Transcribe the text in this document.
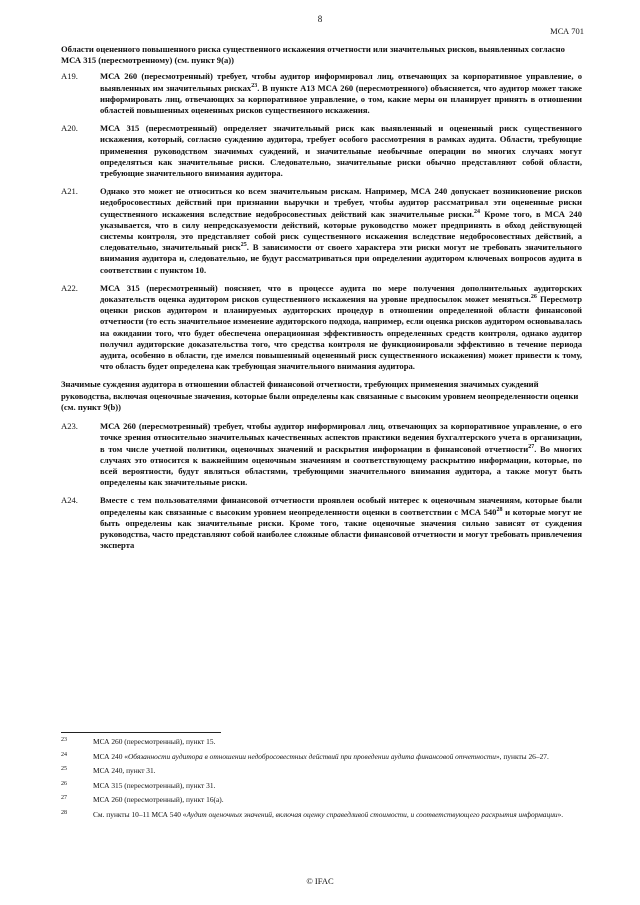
8
МСА 701
Области оцененного повышенного риска существенного искажения отчетности или значительных рисков, выявленных согласно МСА 315 (пересмотренному) (см. пункт 9(a))
A19.	МСА 260 (пересмотренный) требует, чтобы аудитор информировал лиц, отвечающих за корпоративное управление, о выявленных им значительных рисках$^{23}$. В пункте A13 МСА 260 (пересмотренного) объясняется, что аудитор может также информировать лиц, отвечающих за корпоративное управление, о том, какие меры он планирует принять в отношении областей повышенных оцененных рисков существенного искажения.
A20.	МСА 315 (пересмотренный) определяет значительный риск как выявленный и оцененный риск существенного искажения, который, согласно суждению аудитора, требует особого рассмотрения в рамках аудита. Области, требующие применения руководством значимых суждений, и значительные необычные операции во многих случаях могут определяться как значительные риски. Следовательно, значительные риски обычно представляют собой области, требующие значительного внимания аудитора.
A21.	Однако это может не относиться ко всем значительным рискам. Например, МСА 240 допускает возникновение рисков недобросовестных действий при признании выручки и требует, чтобы аудитор рассматривал эти оцененные риски существенного искажения вследствие недобросовестных действий как значительные риски.$^{24}$ Кроме того, в МСА 240 указывается, что в силу непредсказуемости действий, которые руководство может предпринять в обход действующей системы контроля, это представляет собой риск существенного искажения вследствие недобросовестных действий, а следовательно, значительный риск$^{25}$. В зависимости от своего характера эти риски могут не требовать значительного внимания аудитора и, следовательно, не будут рассматриваться при определении аудитором ключевых вопросов аудита в соответствии с пунктом 10.
A22.	МСА 315 (пересмотренный) поясняет, что в процессе аудита по мере получения дополнительных аудиторских доказательств оценка аудитором рисков существенного искажения на уровне предпосылок может меняться.$^{26}$ Пересмотр оценки рисков аудитором и планируемых аудиторских процедур в отношении определенной области финансовой отчетности (то есть значительное изменение аудиторского подхода, например, если оценка рисков аудитором основывалась на ожидании того, что будет обеспечена операционная эффективность определенных средств контроля, однако аудитор получил аудиторские доказательства того, что средства контроля не функционировали эффективно в течение периода аудита, особенно в области, где имелся повышенный оцененный риск существенного искажения) может привести к тому, что область будет определена как требующая значительного внимания аудитора.
Значимые суждения аудитора в отношении областей финансовой отчетности, требующих применения значимых суждений руководства, включая оценочные значения, которые были определены как связанные с высоким уровнем неопределенности оценки (см. пункт 9(b))
A23.	МСА 260 (пересмотренный) требует, чтобы аудитор информировал лиц, отвечающих за корпоративное управление, о его точке зрения относительно значительных качественных аспектов практики ведения бухгалтерского учета в организации, в том числе учетной политики, оценочных значений и раскрытия информации в финансовой отчетности$^{27}$. Во многих случаях это относится к важнейшим оценочным значениям и соответствующему раскрытию информации, которые, по всей вероятности, будут являться областями, требующими значительного внимания аудитора, а также могут быть определены как значительные риски.
A24.	Вместе с тем пользователями финансовой отчетности проявлен особый интерес к оценочным значениям, которые были определены как связанные с высоким уровнем неопределенности оценки в соответствии с МСА $540^{28}$ и которые могут не быть определены как значительные риски. Кроме того, такие оценочные значения сильно зависят от суждения руководства, часто представляют собой наиболее сложные области финансовой отчетности и могут требовать привлечения эксперта
23	МСА 260 (пересмотренный), пункт 15.
24	МСА 240 «Обязанности аудитора в отношении недобросовестных действий при проведении аудита финансовой отчетности», пункты 26–27.
25	МСА 240, пункт 31.
26	МСА 315 (пересмотренный), пункт 31.
27	МСА 260 (пересмотренный), пункт 16(a).
28	См. пункты 10–11 МСА 540 «Аудит оценочных значений, включая оценку справедливой стоимости, и соответствующего раскрытия информации».
© IFAC
